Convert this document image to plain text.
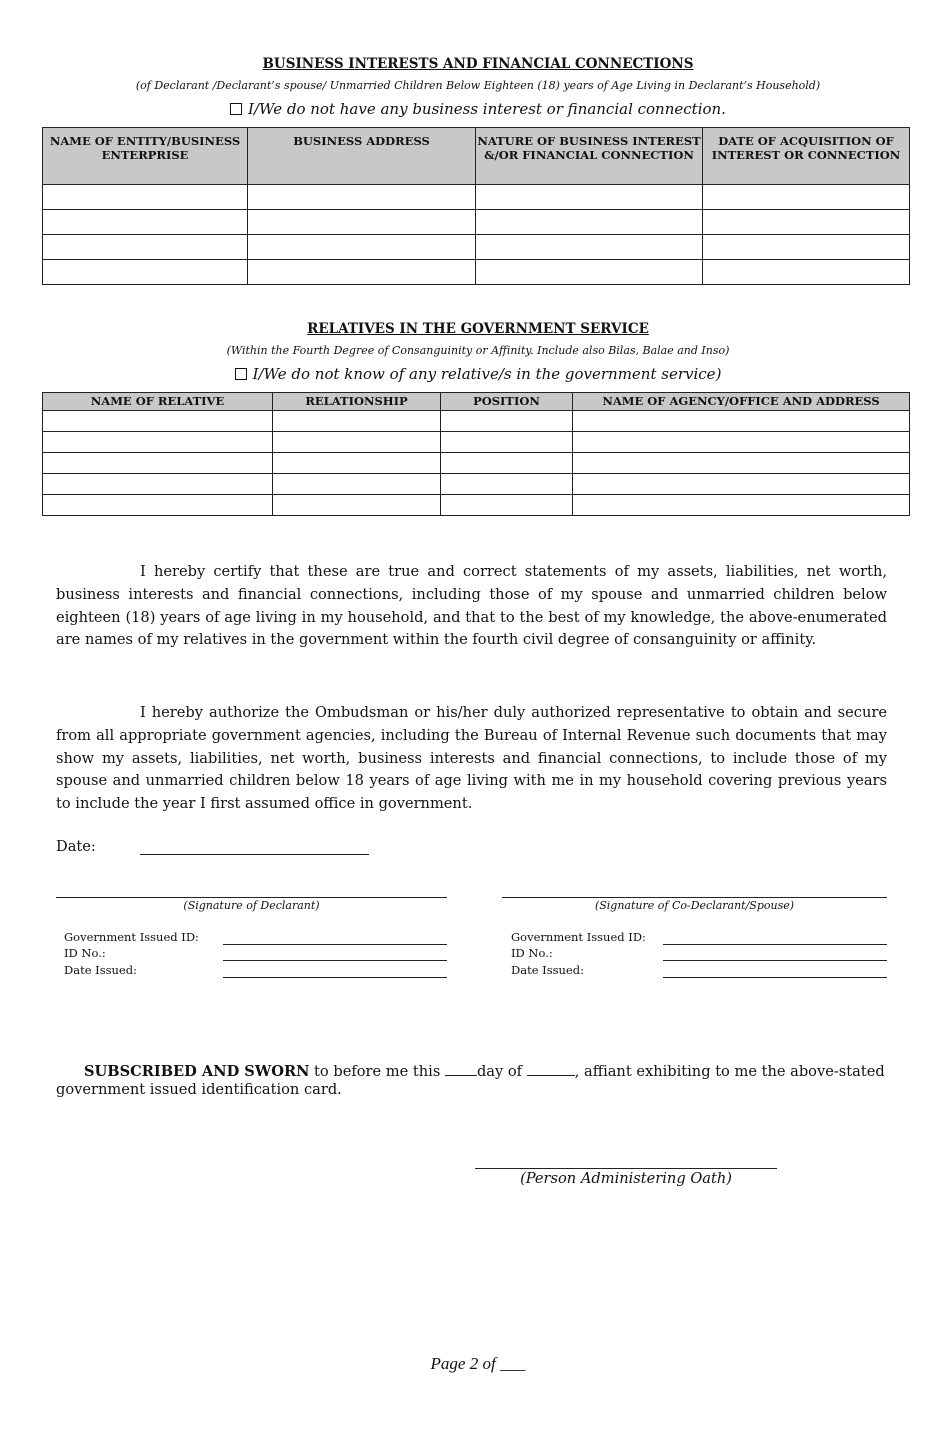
BUSINESS INTERESTS AND FINANCIAL CONNECTIONS
(of Declarant /Declarant’s spouse/ Unmarried Children Below Eighteen (18) years of Age Living in Declarant’s Household)
I/We do not have any business interest or financial connection.
NAME OF ENTITY/BUSINESS ENTERPRISE	BUSINESS ADDRESS	NATURE OF BUSINESS INTEREST &/OR FINANCIAL CONNECTION	DATE OF ACQUISITION OF INTEREST OR CONNECTION

RELATIVES IN THE GOVERNMENT SERVICE
(Within the Fourth Degree of Consanguinity or Affinity. Include also Bilas, Balae and Inso)
I/We do not know of any relative/s in the government service)
NAME OF RELATIVE	RELATIONSHIP	POSITION	NAME OF AGENCY/OFFICE AND ADDRESS

I hereby certify that these are true and correct statements of my assets, liabilities, net worth, business interests and financial connections, including those of my spouse and unmarried children below eighteen (18) years of age living in my household, and that to the best of my knowledge, the above-enumerated are names of my relatives in the government within the fourth civil degree of consanguinity or affinity.
I hereby authorize the Ombudsman or his/her duly authorized representative to obtain and secure from all appropriate government agencies, including the Bureau of Internal Revenue such documents that may show my assets, liabilities, net worth, business interests and financial connections, to include those of my spouse and unmarried children below 18 years of age living with me in my household covering previous years to include the year I first assumed office in government.
Date:
(Signature of Declarant)	(Signature of Co-Declarant/Spouse)
Government Issued ID:
ID No.:
Date Issued:
Government Issued ID:
ID No.:
Date Issued:
SUBSCRIBED AND SWORN to before me this day of	, affiant exhibiting to me the above-stated
government issued identification card.
(Person Administering Oath)
Page 2 of ___
